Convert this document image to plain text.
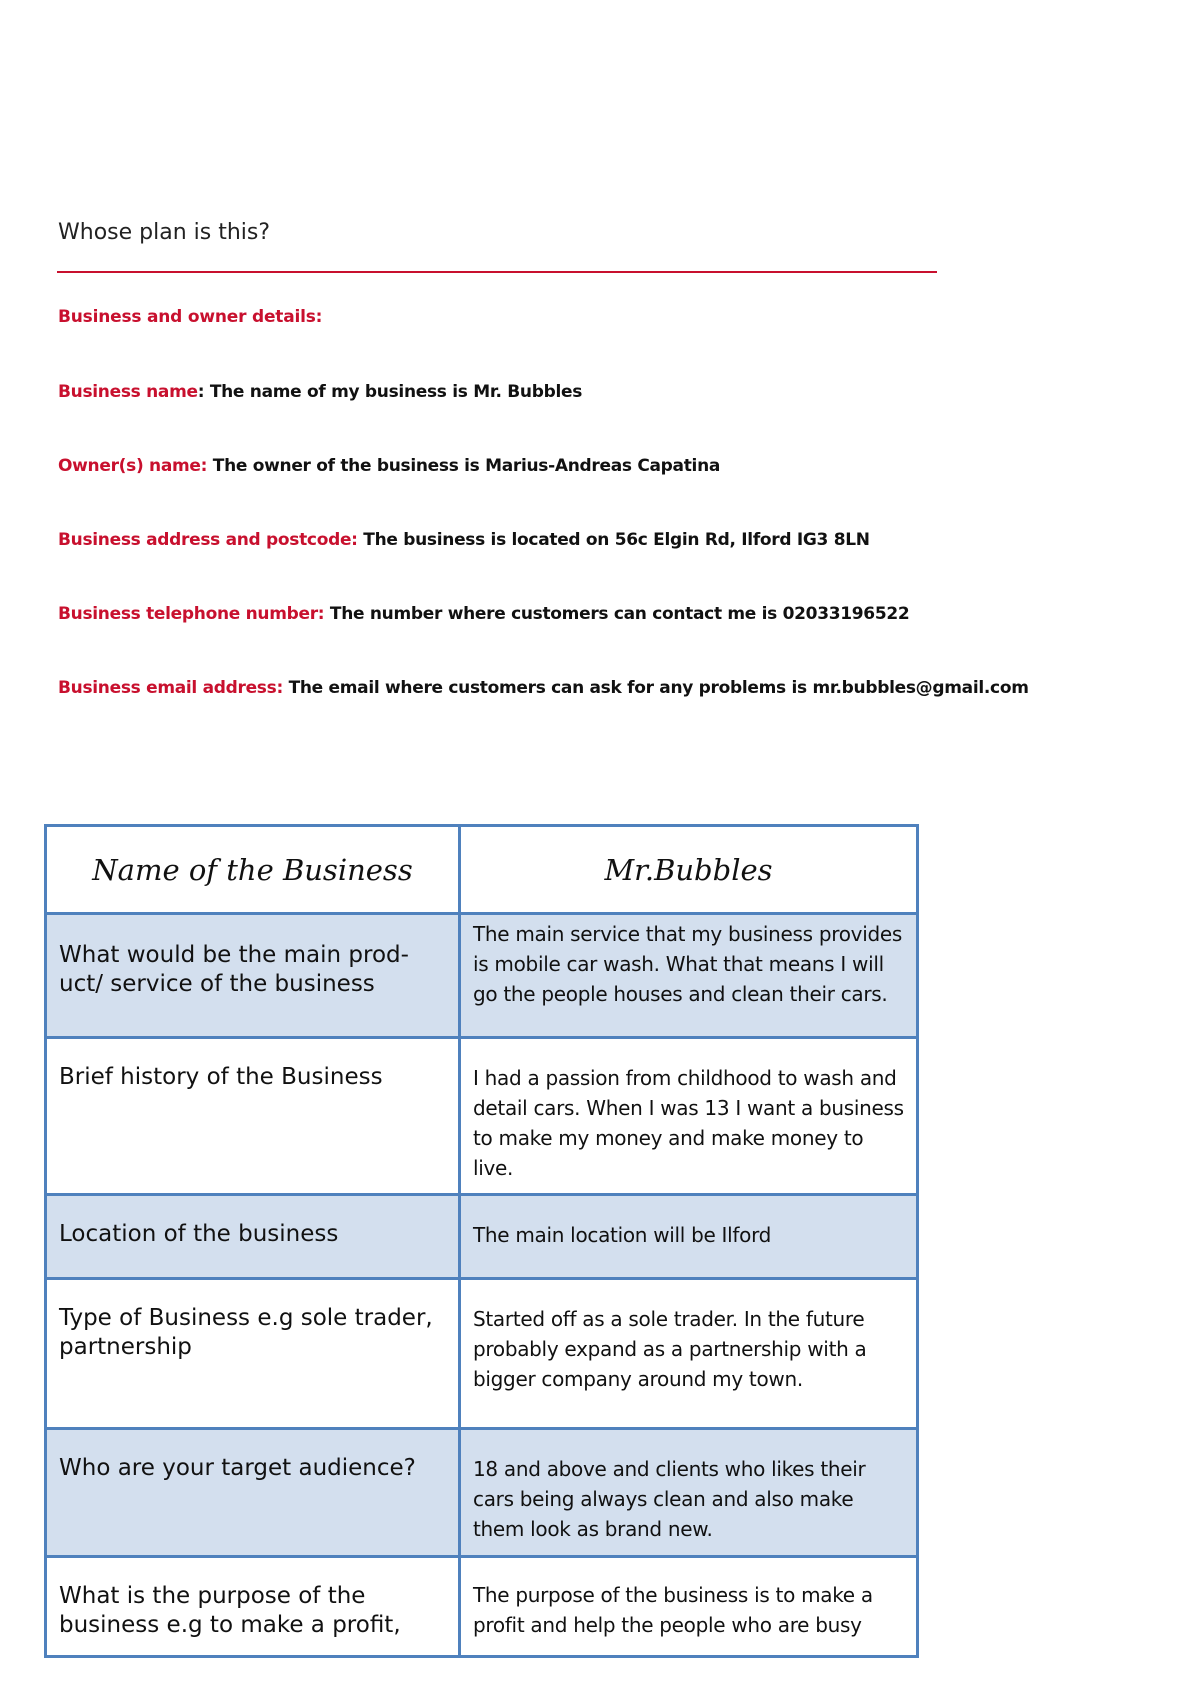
Whose plan is this?
Business and owner details:
Business name: The name of my business is Mr. Bubbles
Owner(s) name: The owner of the business is Marius-Andreas Capatina
Business address and postcode: The business is located on 56c Elgin Rd, Ilford IG3 8LN
Business telephone number: The number where customers can contact me is 02033196522
Business email address: The email where customers can ask for any problems is mr.bubbles@gmail.com
Name of the Business	Mr.Bubbles
What would be the main prod-uct/ service of the business	The main service that my business provides is mobile car wash. What that means I will go the people houses and clean their cars.
Brief history of the Business	I had a passion from childhood to wash and detail cars. When I was 13 I want a business to make my money and make money to live.
Location of the business	The main location will be Ilford
Type of Business e.g sole trader, partnership	Started off as a sole trader. In the future probably expand as a partnership with a bigger company around my town.
Who are your target audience?	18 and above and clients who likes their cars being always clean and also make them look as brand new.
What is the purpose of the business e.g to make a profit,	The purpose of the business is to make a profit and help the people who are busy
